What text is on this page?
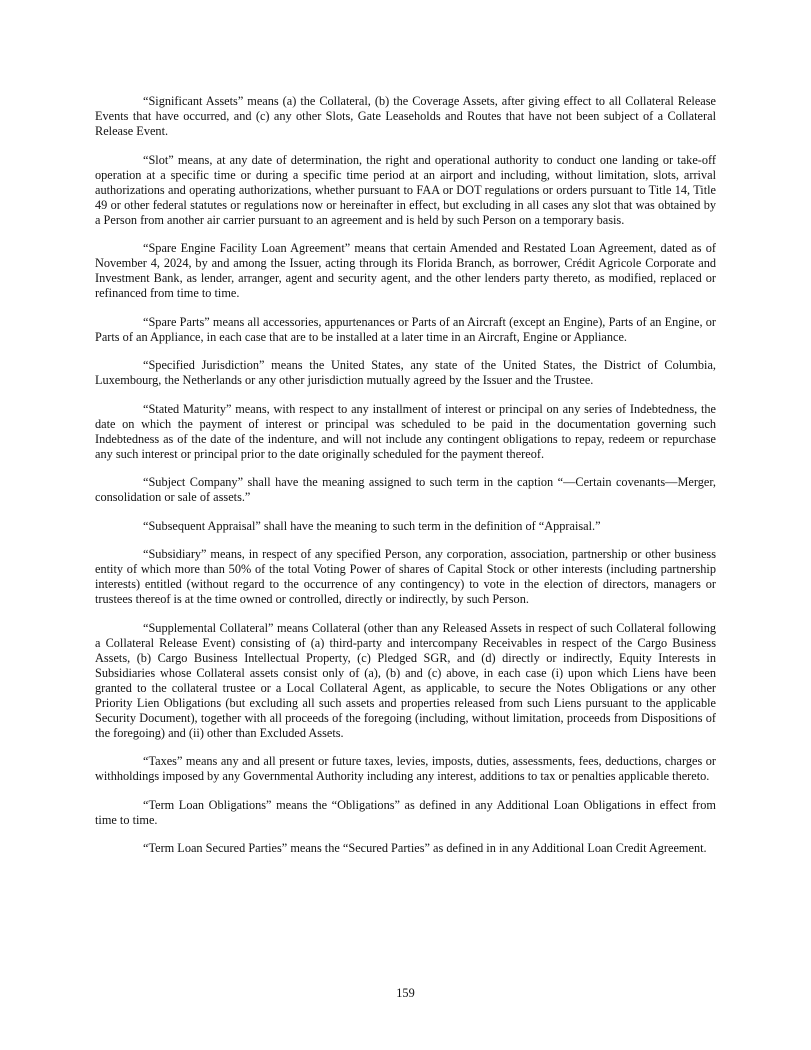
“Significant Assets” means (a) the Collateral, (b) the Coverage Assets, after giving effect to all Collateral Release Events that have occurred, and (c) any other Slots, Gate Leaseholds and Routes that have not been subject of a Collateral Release Event.

“Slot” means, at any date of determination, the right and operational authority to conduct one landing or take-off operation at a specific time or during a specific time period at an airport and including, without limitation, slots, arrival authorizations and operating authorizations, whether pursuant to FAA or DOT regulations or orders pursuant to Title 14, Title 49 or other federal statutes or regulations now or hereinafter in effect, but excluding in all cases any slot that was obtained by a Person from another air carrier pursuant to an agreement and is held by such Person on a temporary basis.

“Spare Engine Facility Loan Agreement” means that certain Amended and Restated Loan Agreement, dated as of November 4, 2024, by and among the Issuer, acting through its Florida Branch, as borrower, Crédit Agricole Corporate and Investment Bank, as lender, arranger, agent and security agent, and the other lenders party thereto, as modified, replaced or refinanced from time to time.

“Spare Parts” means all accessories, appurtenances or Parts of an Aircraft (except an Engine), Parts of an Engine, or Parts of an Appliance, in each case that are to be installed at a later time in an Aircraft, Engine or Appliance.

“Specified Jurisdiction” means the United States, any state of the United States, the District of Columbia, Luxembourg, the Netherlands or any other jurisdiction mutually agreed by the Issuer and the Trustee.

“Stated Maturity” means, with respect to any installment of interest or principal on any series of Indebtedness, the date on which the payment of interest or principal was scheduled to be paid in the documentation governing such Indebtedness as of the date of the indenture, and will not include any contingent obligations to repay, redeem or repurchase any such interest or principal prior to the date originally scheduled for the payment thereof.

“Subject Company” shall have the meaning assigned to such term in the caption “—Certain covenants—Merger, consolidation or sale of assets.”

“Subsequent Appraisal” shall have the meaning to such term in the definition of “Appraisal.”

“Subsidiary” means, in respect of any specified Person, any corporation, association, partnership or other business entity of which more than 50% of the total Voting Power of shares of Capital Stock or other interests (including partnership interests) entitled (without regard to the occurrence of any contingency) to vote in the election of directors, managers or trustees thereof is at the time owned or controlled, directly or indirectly, by such Person.

“Supplemental Collateral” means Collateral (other than any Released Assets in respect of such Collateral following a Collateral Release Event) consisting of (a) third-party and intercompany Receivables in respect of the Cargo Business Assets, (b) Cargo Business Intellectual Property, (c) Pledged SGR, and (d) directly or indirectly, Equity Interests in Subsidiaries whose Collateral assets consist only of (a), (b) and (c) above, in each case (i) upon which Liens have been granted to the collateral trustee or a Local Collateral Agent, as applicable, to secure the Notes Obligations or any other Priority Lien Obligations (but excluding all such assets and properties released from such Liens pursuant to the applicable Security Document), together with all proceeds of the foregoing (including, without limitation, proceeds from Dispositions of the foregoing) and (ii) other than Excluded Assets.

“Taxes” means any and all present or future taxes, levies, imposts, duties, assessments, fees, deductions, charges or withholdings imposed by any Governmental Authority including any interest, additions to tax or penalties applicable thereto.

“Term Loan Obligations” means the “Obligations” as defined in any Additional Loan Obligations in effect from time to time.

“Term Loan Secured Parties” means the “Secured Parties” as defined in in any Additional Loan Credit Agreement.

159
